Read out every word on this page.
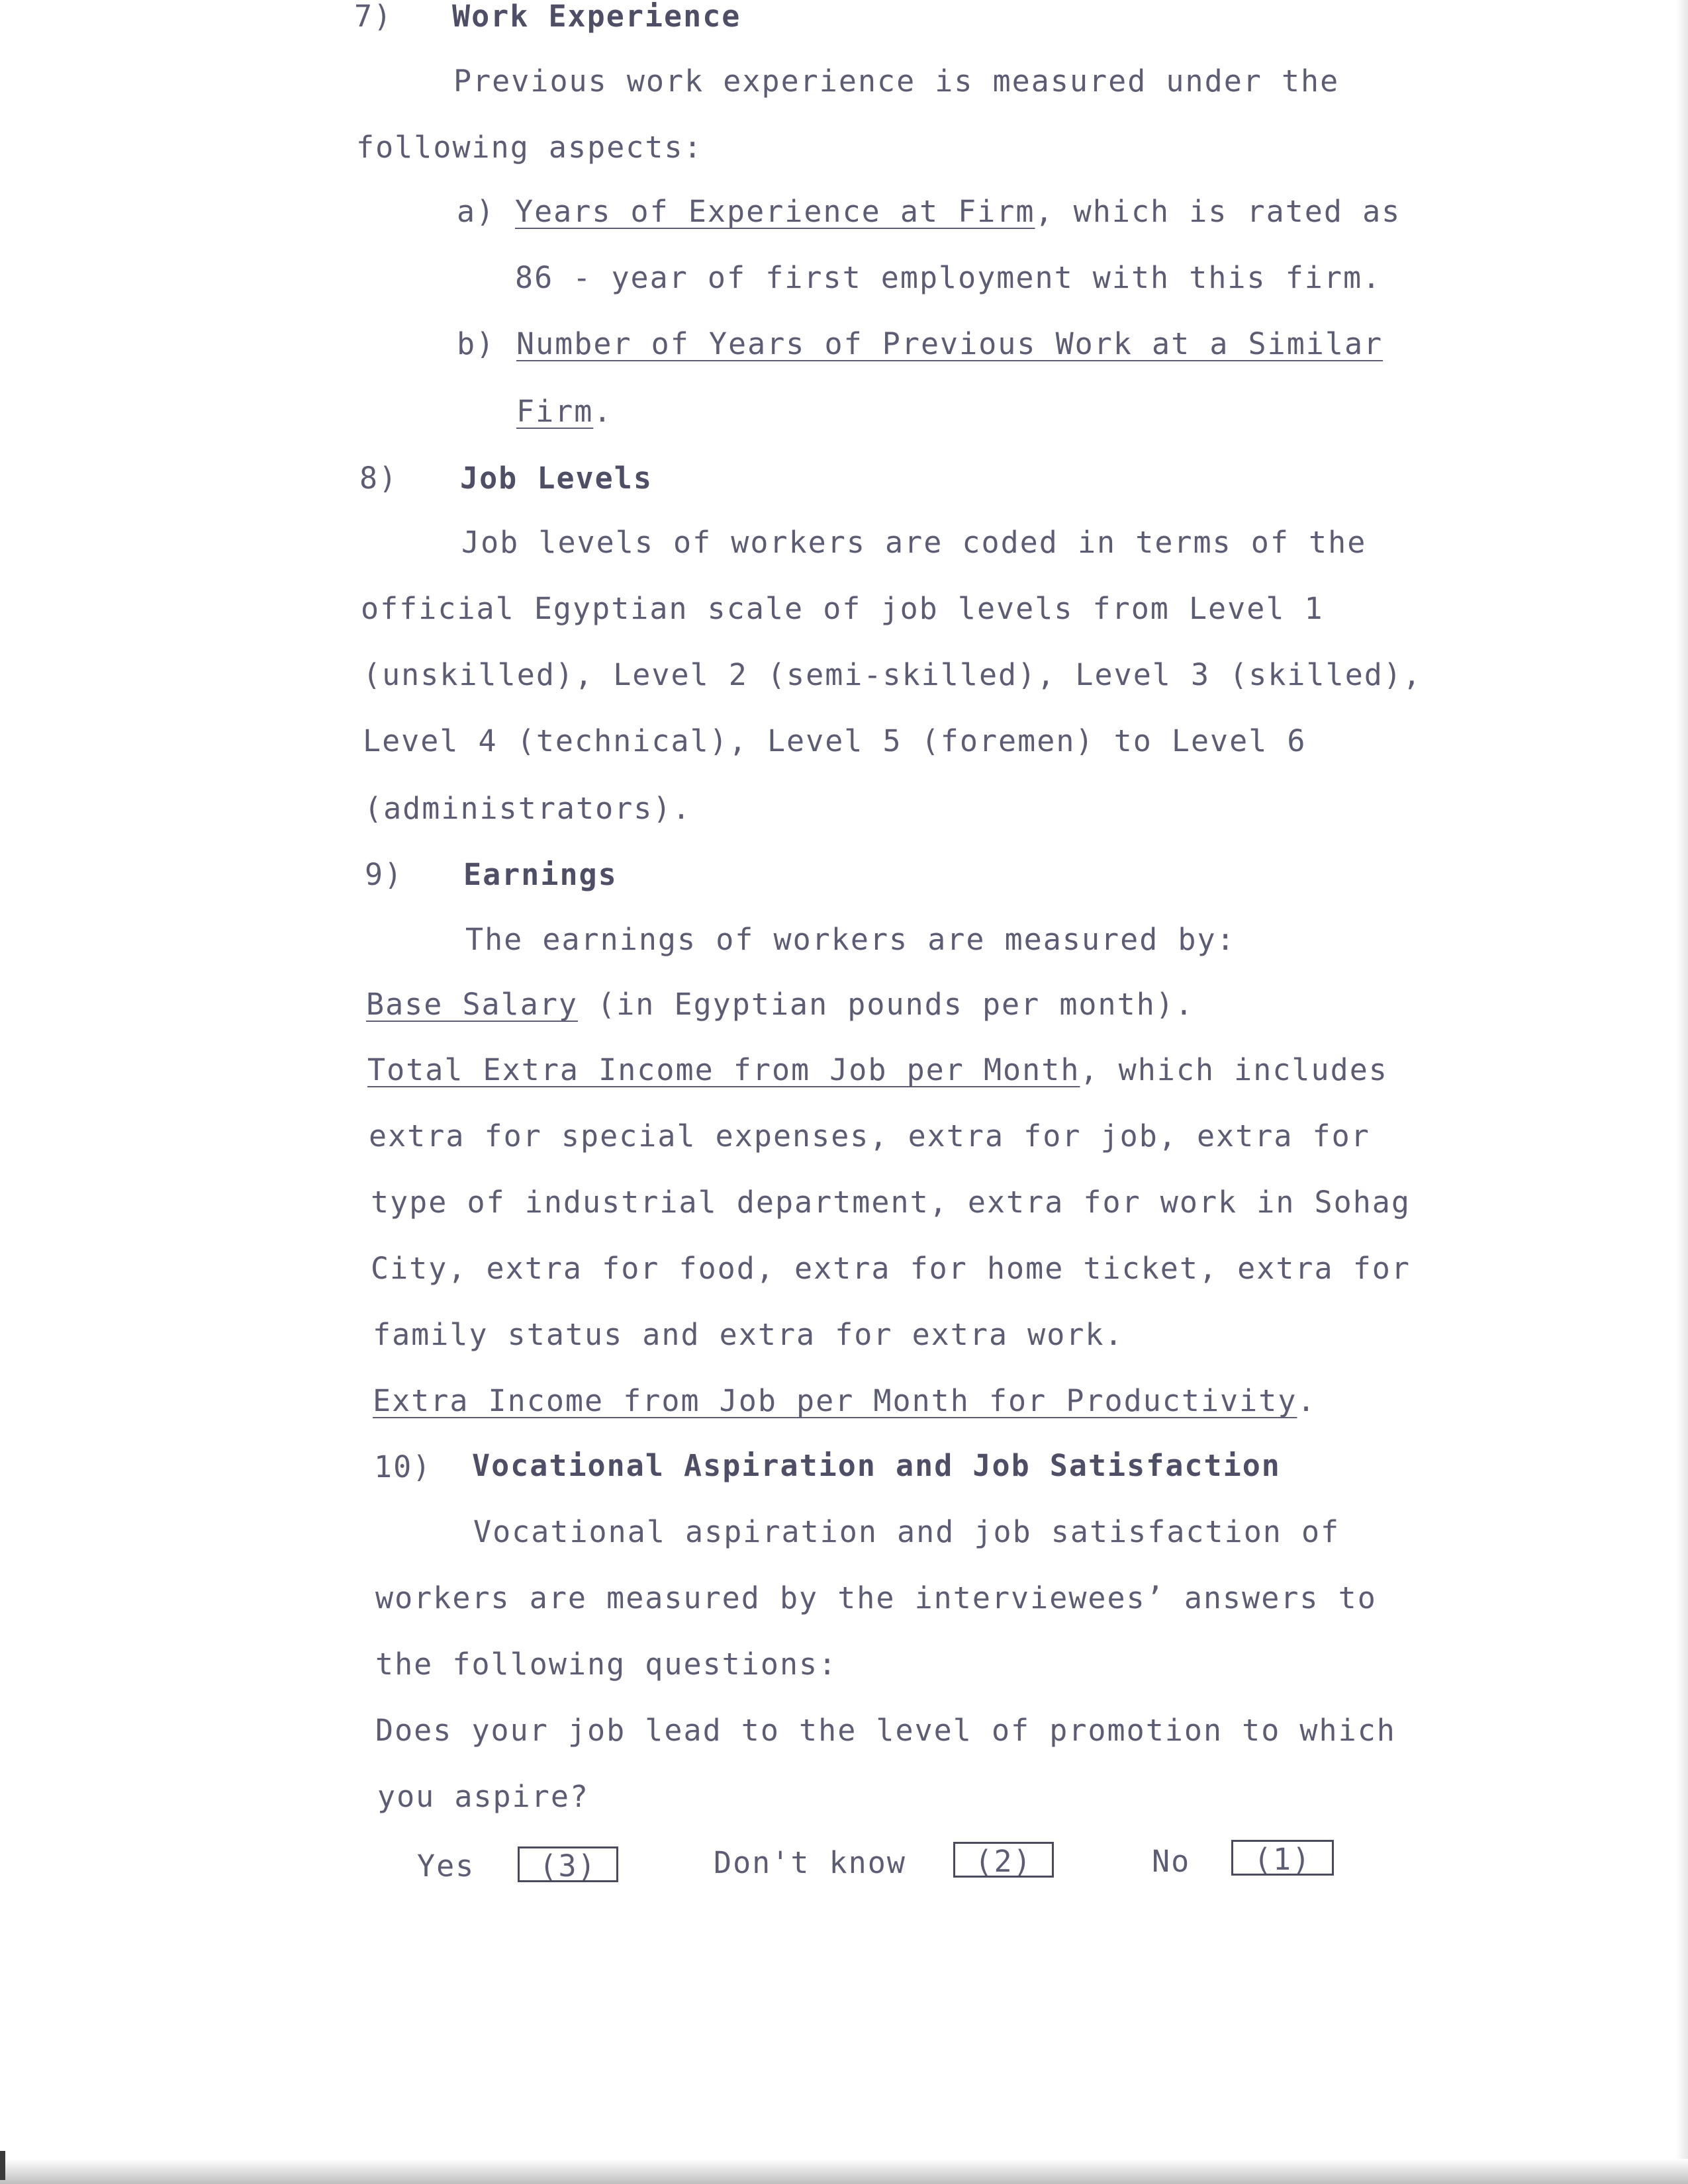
7) Work Experience
Previous work experience is measured under the
following aspects:
a) Years of Experience at Firm, which is rated as
86 - year of first employment with this firm.
b) Number of Years of Previous Work at a Similar
Firm.
8) Job Levels
Job levels of workers are coded in terms of the
official Egyptian scale of job levels from Level 1
(unskilled), Level 2 (semi-skilled), Level 3 (skilled),
Level 4 (technical), Level 5 (foremen) to Level 6
(administrators).
9) Earnings
The earnings of workers are measured by:
Base Salary (in Egyptian pounds per month).
Total Extra Income from Job per Month, which includes
extra for special expenses, extra for job, extra for
type of industrial department, extra for work in Sohag
City, extra for food, extra for home ticket, extra for
family status and extra for extra work.
Extra Income from Job per Month for Productivity.
10) Vocational Aspiration and Job Satisfaction
Vocational aspiration and job satisfaction of
workers are measured by the interviewees’ answers to
the following questions:
Does your job lead to the level of promotion to which
you aspire?
Yes	(3)	Don't know	(2)	No	(1)
